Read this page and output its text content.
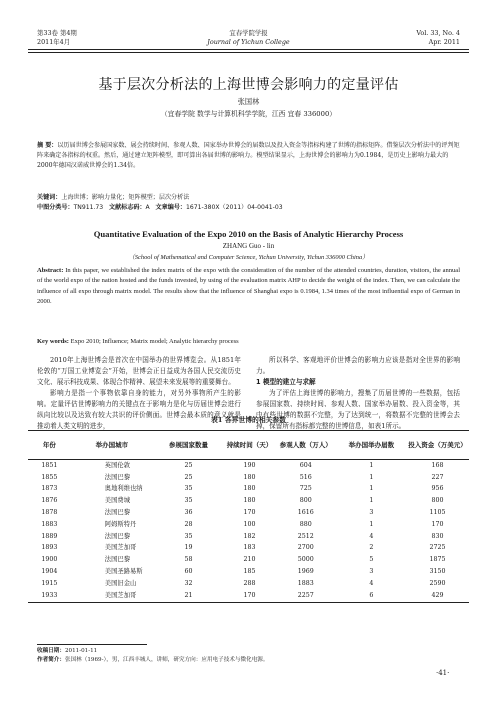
第33卷 第4期
2011年4月
宜春学院学报
Journal of Yichun College
Vol. 33, No. 4
Apr. 2011
基于层次分析法的上海世博会影响力的定量评估
张国林
（宜春学院 数学与计算机科学学院，江西 宜春 336000）
摘 要：以历届世博会参展国家数、展会持续时间、参观人数、国家举办世博会的届数以及投入资金等指标构建了世博的指标矩阵。借鉴层次分析法中的评判矩阵来确定各指标的权重。然后，通过建立矩阵模型，即可算出各届世博的影响力。模型结果显示，上海世博会的影响力为0.1984，是历史上影响力最大的2000年德国汉诺威世博会的1.34倍。
关键词：上海世博；影响力量化；矩阵模型；层次分析法
中图分类号：TN911.73 文献标志码：A 文章编号：1671-380X（2011）04-0041-03
Quantitative Evaluation of the Expo 2010 on the Basis of Analytic Hierarchy Process
ZHANG Guo - lin
（School of Mathematical and Computer Science, Yichun University, Yichun 336000 China）
Abstract: In this paper, we established the index matrix of the expo with the consideration of the number of the attended countries, duration, visitors, the annual of the world expo of the nation hosted and the funds invested, by using of the evaluation matrix AHP to decide the weight of the index. Then, we can calculate the influence of all expo through matrix model. The results show that the influence of Shanghai expo is 0.1984, 1.34 times of the most influential expo of German in 2000.
Key words: Expo 2010; Influence; Matrix model; Analytic hierarchy process
2010年上海世博会是首次在中国举办的世界博览会。从1851年伦敦的“万国工业博览会”开始，世博会正日益成为各国人民交流历史文化、展示科技成果、体现合作精神、展望未来发展等的重要舞台。
影响力是指一个事物依靠自身的能力，对另外事物所产生的影响。定量评估世博影响力的关键点在于影响力是化与历届世博会进行纵向比较以及达致有较大共识的评价侧面。世博会最本质的意义就是推动着人类文明的进步，
所以科学、客观地评价世博会的影响力应该是指对全世界的影响力。
1 模型的建立与求解
为了评估上海世博的影响力，搜集了历届世博的一些数据，包括参展国家数、持续时间、参观人数、国家举办届数、投入资金等，其中有些世博的数据不完整，为了达到统一，将数据不完整的世博会去掉，保留所有指标都完整的世博信息，如表1所示。
表1 各界世博的相关参数
年份	举办国城市	参展国家数量	持续时间（天）	参观人数（万人）	举办国举办届数	投入资金（万美元）
1851	英国伦敦	25	190	604	1	168
1855	法国巴黎	25	180	516	1	227
1873	奥地利维也纳	35	180	725	1	956
1876	美国费城	35	180	800	1	800
1878	法国巴黎	36	170	1616	3	1105
1883	阿姆斯特丹	28	100	880	1	170
1889	法国巴黎	35	182	2512	4	830
1893	美国芝加哥	19	183	2700	2	2725
1900	法国巴黎	58	210	5000	5	1875
1904	美国圣路易斯	60	185	1969	3	3150
1915	美国旧金山	32	288	1883	4	2590
1933	美国芝加哥	21	170	2257	6	429
收稿日期：2011-01-11
作者简介：张国林（1969-），男，江西丰城人，讲师，研究方向：应用电子技术与微化电源。
·41·
